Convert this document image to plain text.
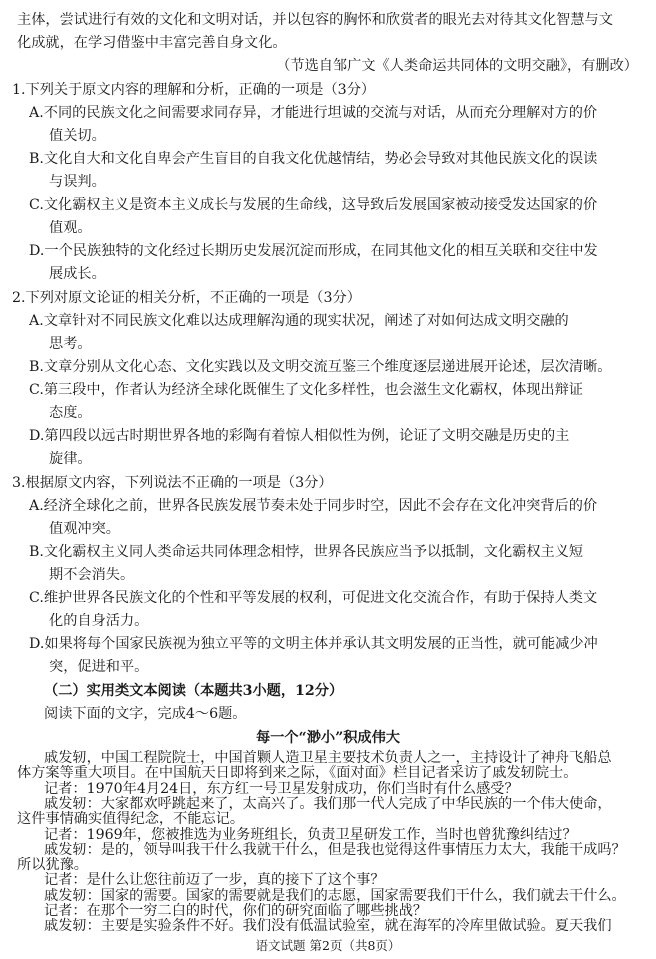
主体，尝试进行有效的文化和文明对话，并以包容的胸怀和欣赏者的眼光去对待其文化智慧与文
化成就，在学习借鉴中丰富完善自身文化。
（节选自邹广文《人类命运共同体的文明交融》，有删改）
1.下列关于原文内容的理解和分析，正确的一项是（3分）
A.不同的民族文化之间需要求同存异，才能进行坦诚的交流与对话，从而充分理解对方的价
值关切。
B.文化自大和文化自卑会产生盲目的自我文化优越情结，势必会导致对其他民族文化的误读
与误判。
C.文化霸权主义是资本主义成长与发展的生命线，这导致后发展国家被动接受发达国家的价
值观。
D.一个民族独特的文化经过长期历史发展沉淀而形成，在同其他文化的相互关联和交往中发
展成长。
2.下列对原文论证的相关分析，不正确的一项是（3分）
A.文章针对不同民族文化难以达成理解沟通的现实状况，阐述了对如何达成文明交融的
思考。
B.文章分别从文化心态、文化实践以及文明交流互鉴三个维度逐层递进展开论述，层次清晰。
C.第三段中，作者认为经济全球化既催生了文化多样性，也会滋生文化霸权，体现出辩证
态度。
D.第四段以远古时期世界各地的彩陶有着惊人相似性为例，论证了文明交融是历史的主
旋律。
3.根据原文内容，下列说法不正确的一项是（3分）
A.经济全球化之前，世界各民族发展节奏未处于同步时空，因此不会存在文化冲突背后的价
值观冲突。
B.文化霸权主义同人类命运共同体理念相悖，世界各民族应当予以抵制，文化霸权主义短
期不会消失。
C.维护世界各民族文化的个性和平等发展的权利，可促进文化交流合作，有助于保持人类文
化的自身活力。
D.如果将每个国家民族视为独立平等的文明主体并承认其文明发展的正当性，就可能减少冲
突，促进和平。
（二）实用类文本阅读（本题共3小题，12分）
阅读下面的文字，完成4～6题。
每一个“渺小”积成伟大
戚发轫，中国工程院院士，中国首颗人造卫星主要技术负责人之一，主持设计了神舟飞船总
体方案等重大项目。在中国航天日即将到来之际，《面对面》栏目记者采访了戚发轫院士。
记者：1970年4月24日，东方红一号卫星发射成功，你们当时有什么感受？
戚发轫：大家都欢呼跳起来了，太高兴了。我们那一代人完成了中华民族的一个伟大使命，
这件事情确实值得纪念，不能忘记。
记者：1969年，您被推选为业务班组长，负责卫星研发工作，当时也曾犹豫纠结过？
戚发轫：是的，领导叫我干什么我就干什么，但是我也觉得这件事情压力太大，我能干成吗？
所以犹豫。
记者：是什么让您往前迈了一步，真的接下了这个事？
戚发轫：国家的需要。国家的需要就是我们的志愿，国家需要我们干什么，我们就去干什么。
记者：在那个一穷二白的时代，你们的研究面临了哪些挑战？
戚发轫：主要是实验条件不好。我们没有低温试验室，就在海军的冷库里做试验。夏天我们
语文试题 第2页（共8页）
